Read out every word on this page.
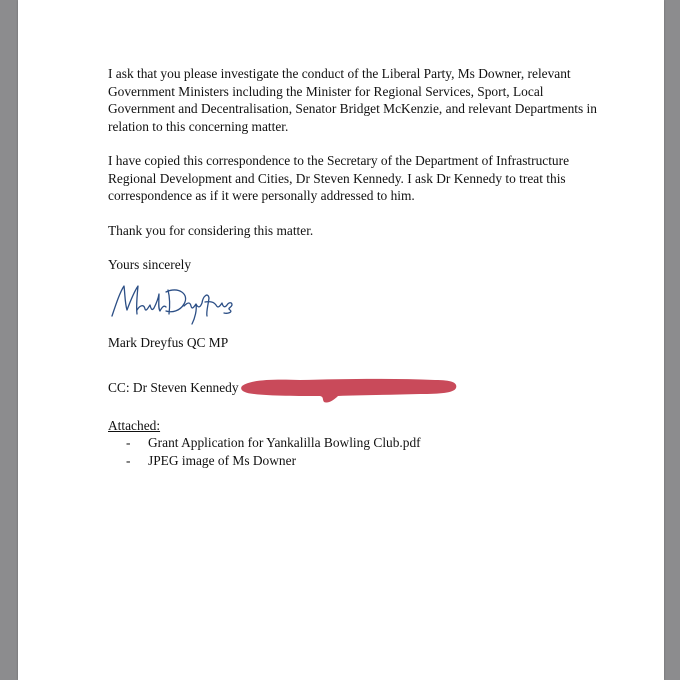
I ask that you please investigate the conduct of the Liberal Party, Ms Downer, relevant Government Ministers including the Minister for Regional Services, Sport, Local Government and Decentralisation, Senator Bridget McKenzie, and relevant Departments in relation to this concerning matter.

I have copied this correspondence to the Secretary of the Department of Infrastructure Regional Development and Cities, Dr Steven Kennedy. I ask Dr Kennedy to treat this correspondence as if it were personally addressed to him.

Thank you for considering this matter.

Yours sincerely

Mark Dreyfus QC MP

CC: Dr Steven Kennedy

Attached:

-	Grant Application for Yankalilla Bowling Club.pdf
-	JPEG image of Ms Downer
